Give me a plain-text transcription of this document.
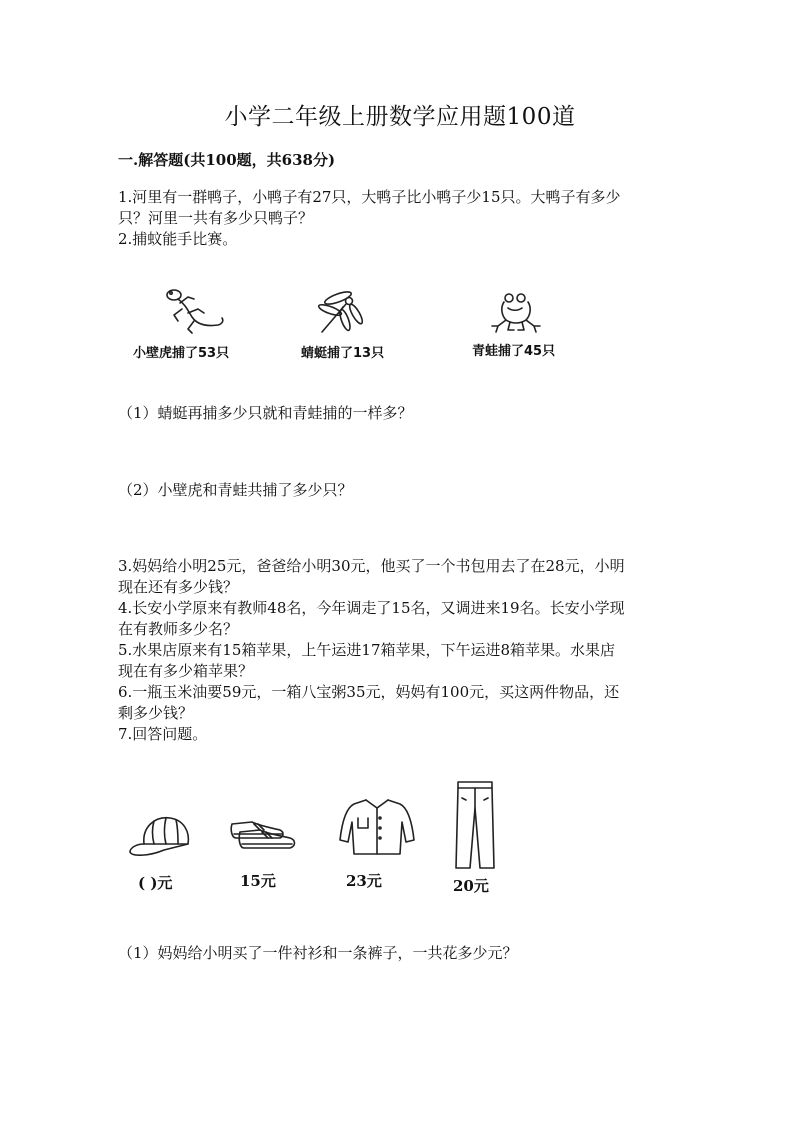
小学二年级上册数学应用题100道
一.解答题(共100题，共638分)
1.河里有一群鸭子，小鸭子有27只，大鸭子比小鸭子少15只。大鸭子有多少
只？河里一共有多少只鸭子？
2.捕蚊能手比赛。
小壁虎捕了53只	蜻蜓捕了13只	青蛙捕了45只
（1）蜻蜓再捕多少只就和青蛙捕的一样多？
（2）小壁虎和青蛙共捕了多少只？
3.妈妈给小明25元，爸爸给小明30元，他买了一个书包用去了在28元，小明
现在还有多少钱？
4.长安小学原来有教师48名，今年调走了15名，又调进来19名。长安小学现
在有教师多少名？
5.水果店原来有15箱苹果，上午运进17箱苹果，下午运进8箱苹果。水果店
现在有多少箱苹果？
6.一瓶玉米油要59元，一箱八宝粥35元，妈妈有100元，买这两件物品，还
剩多少钱？
7.回答问题。
( )元	15元	23元	20元
（1）妈妈给小明买了一件衬衫和一条裤子，一共花多少元？
